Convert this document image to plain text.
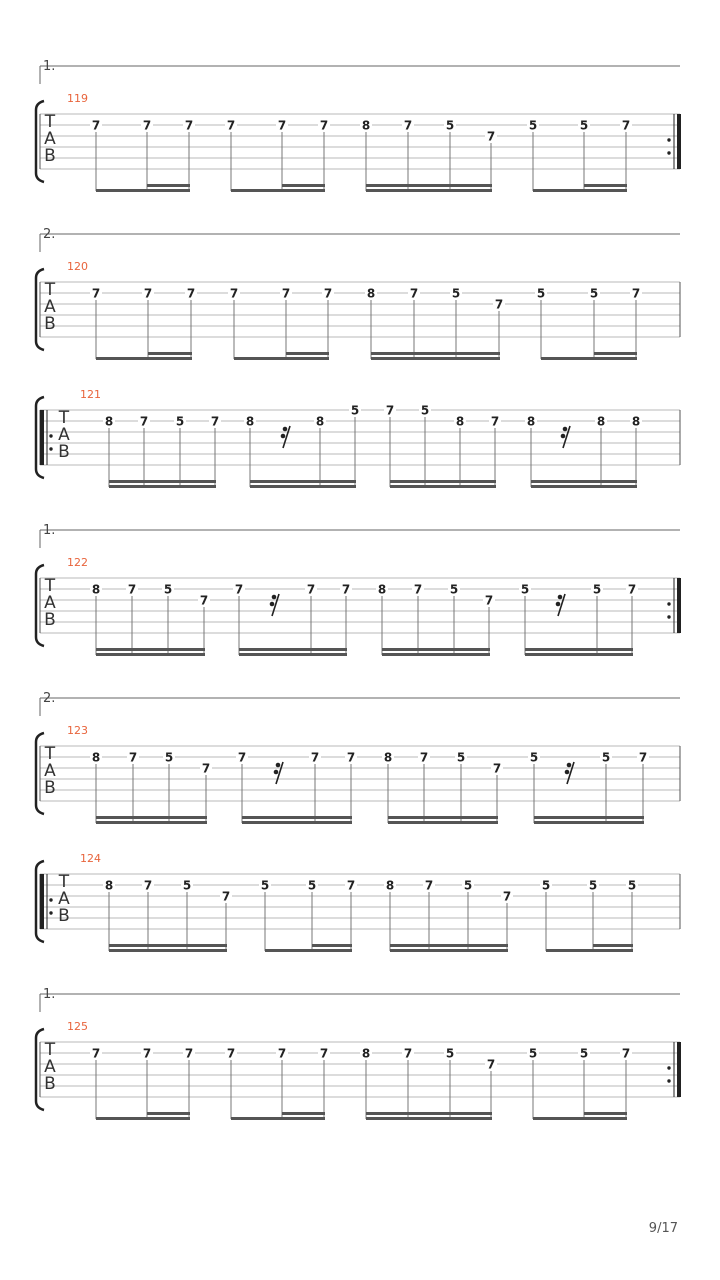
1.
119
T
A
B
7	7	7	7	7	7	8	7	5
7
5	5	7
2.
120
T
A
B
7	7	7	7	7	7	8	7	5
7
5	5	7
121
T
A
B
8 7 5 7 8	8
5 7 5
8 7 8	8 8
1.
122
T
A
B
8 7 5
7
7	7 7 8 7 5
7
5	5 7
2.
123
T
A
B
8 7 5
7
7	7 7 8 7 5
7
5	5 7
124
T
A
B
8	7	5
7
5	5	7	8	7	5
7
5	5	5
1.
125
T
A
B
7	7	7	7	7	7	8	7	5
7
5	5	7
9/17
